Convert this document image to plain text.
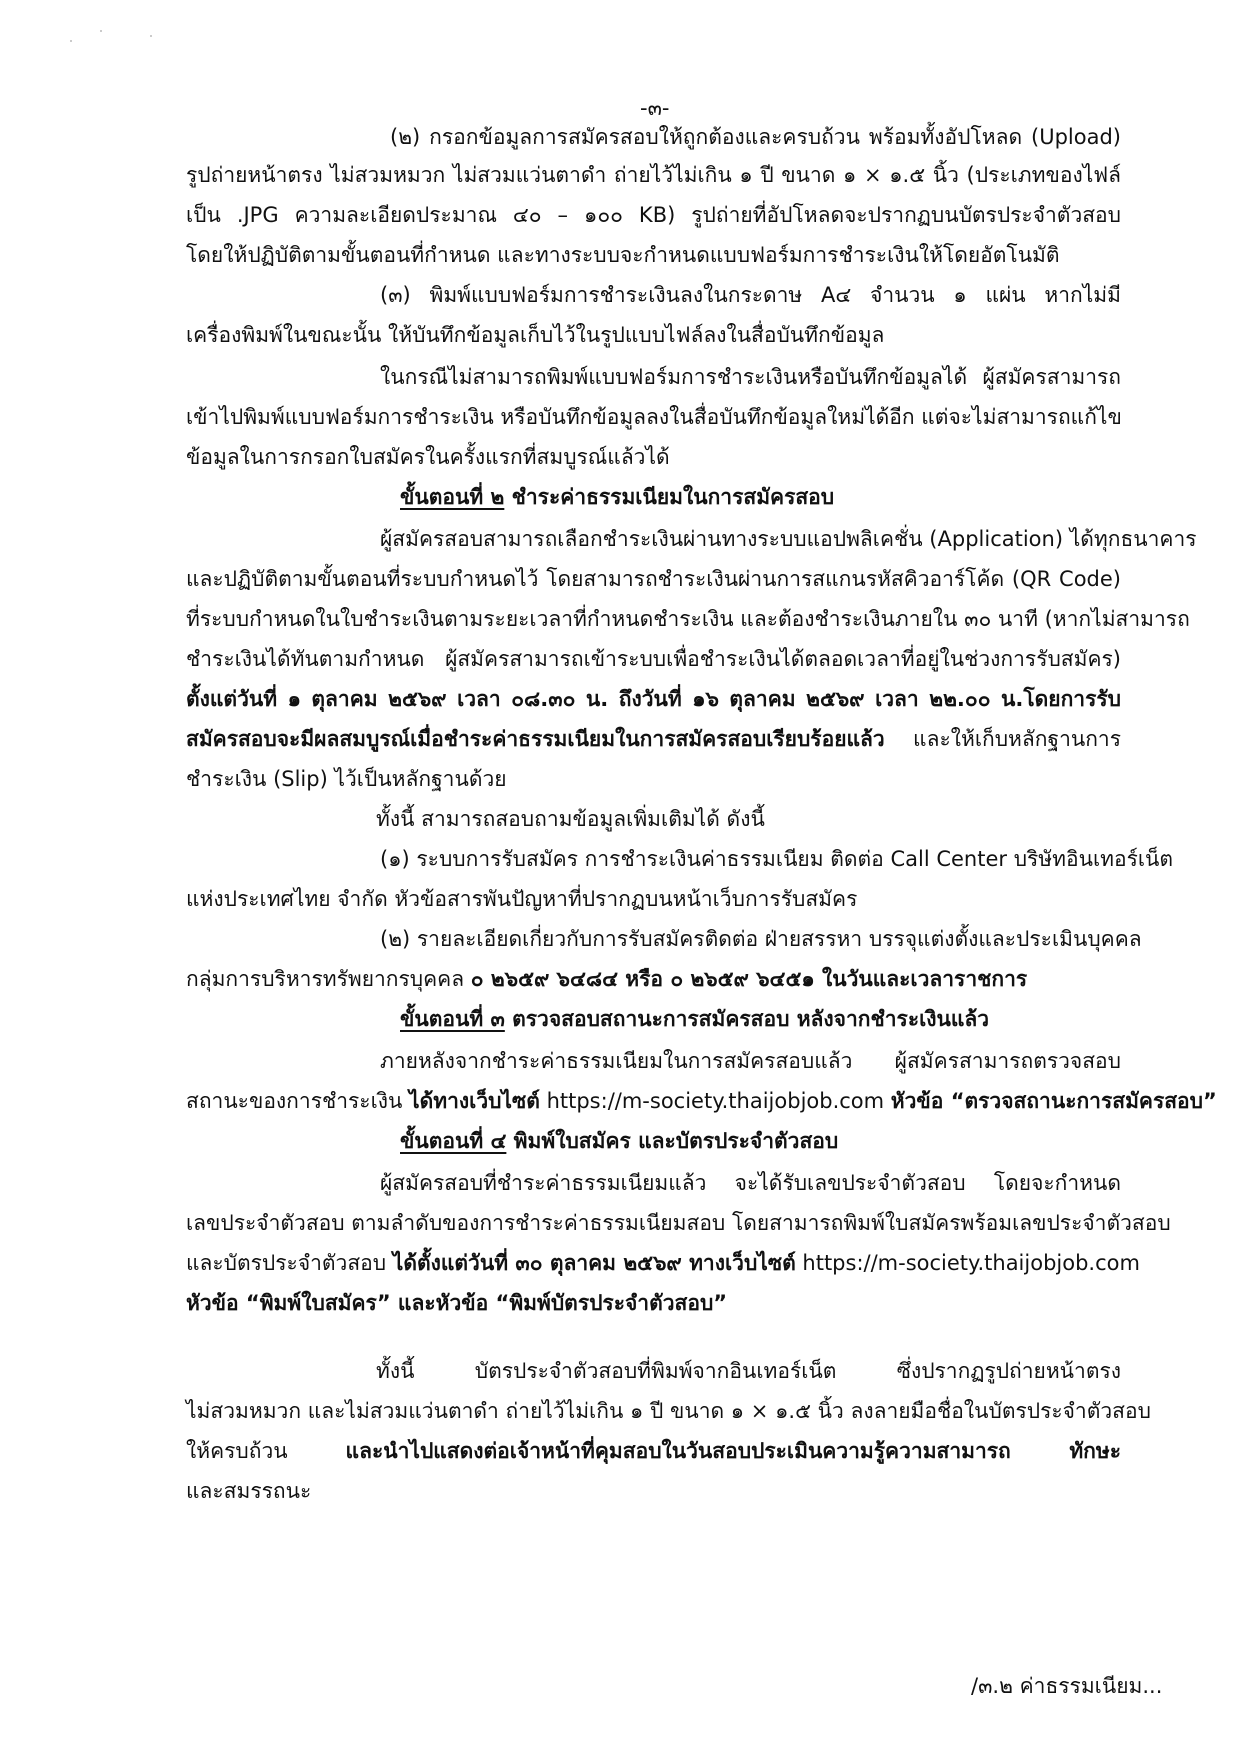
-๓-
(๒) กรอกข้อมูลการสมัครสอบให้ถูกต้องและครบถ้วน พร้อมทั้งอัปโหลด (Upload)
รูปถ่ายหน้าตรง ไม่สวมหมวก ไม่สวมแว่นตาดำ ถ่ายไว้ไม่เกิน ๑ ปี ขนาด ๑ × ๑.๕ นิ้ว (ประเภทของไฟล์
เป็น .JPG ความละเอียดประมาณ ๔๐ – ๑๐๐ KB) รูปถ่ายที่อัปโหลดจะปรากฏบนบัตรประจำตัวสอบ
โดยให้ปฏิบัติตามขั้นตอนที่กำหนด และทางระบบจะกำหนดแบบฟอร์มการชำระเงินให้โดยอัตโนมัติ
(๓) พิมพ์แบบฟอร์มการชำระเงินลงในกระดาษ A๔ จำนวน ๑ แผ่น หากไม่มี
เครื่องพิมพ์ในขณะนั้น ให้บันทึกข้อมูลเก็บไว้ในรูปแบบไฟล์ลงในสื่อบันทึกข้อมูล
ในกรณีไม่สามารถพิมพ์แบบฟอร์มการชำระเงินหรือบันทึกข้อมูลได้ ผู้สมัครสามารถ
เข้าไปพิมพ์แบบฟอร์มการชำระเงิน หรือบันทึกข้อมูลลงในสื่อบันทึกข้อมูลใหม่ได้อีก แต่จะไม่สามารถแก้ไข
ข้อมูลในการกรอกใบสมัครในครั้งแรกที่สมบูรณ์แล้วได้
ขั้นตอนที่ ๒ ชำระค่าธรรมเนียมในการสมัครสอบ
ผู้สมัครสอบสามารถเลือกชำระเงินผ่านทางระบบแอปพลิเคชั่น (Application) ได้ทุกธนาคาร
และปฏิบัติตามขั้นตอนที่ระบบกำหนดไว้ โดยสามารถชำระเงินผ่านการสแกนรหัสคิวอาร์โค้ด (QR Code)
ที่ระบบกำหนดในใบชำระเงินตามระยะเวลาที่กำหนดชำระเงิน และต้องชำระเงินภายใน ๓๐ นาที (หากไม่สามารถ
ชำระเงินได้ทันตามกำหนด ผู้สมัครสามารถเข้าระบบเพื่อชำระเงินได้ตลอดเวลาที่อยู่ในช่วงการรับสมัคร)
ตั้งแต่วันที่ ๑ ตุลาคม ๒๕๖๙ เวลา ๐๘.๓๐ น. ถึงวันที่ ๑๖ ตุลาคม ๒๕๖๙ เวลา ๒๒.๐๐ น.โดยการรับ
สมัครสอบจะมีผลสมบูรณ์เมื่อชำระค่าธรรมเนียมในการสมัครสอบเรียบร้อยแล้ว และให้เก็บหลักฐานการ
ชำระเงิน (Slip) ไว้เป็นหลักฐานด้วย
ทั้งนี้ สามารถสอบถามข้อมูลเพิ่มเติมได้ ดังนี้
(๑) ระบบการรับสมัคร การชำระเงินค่าธรรมเนียม ติดต่อ Call Center บริษัทอินเทอร์เน็ต
แห่งประเทศไทย จำกัด หัวข้อสารพันปัญหาที่ปรากฏบนหน้าเว็บการรับสมัคร
(๒) รายละเอียดเกี่ยวกับการรับสมัครติดต่อ ฝ่ายสรรหา บรรจุแต่งตั้งและประเมินบุคคล
กลุ่มการบริหารทรัพยากรบุคคล ๐ ๒๖๕๙ ๖๔๘๔ หรือ ๐ ๒๖๕๙ ๖๔๕๑ ในวันและเวลาราชการ
ขั้นตอนที่ ๓ ตรวจสอบสถานะการสมัครสอบ หลังจากชำระเงินแล้ว
ภายหลังจากชำระค่าธรรมเนียมในการสมัครสอบแล้ว ผู้สมัครสามารถตรวจสอบ
สถานะของการชำระเงิน ได้ทางเว็บไซต์ https://m-society.thaijobjob.com หัวข้อ “ตรวจสถานะการสมัครสอบ”
ขั้นตอนที่ ๔ พิมพ์ใบสมัคร และบัตรประจำตัวสอบ
ผู้สมัครสอบที่ชำระค่าธรรมเนียมแล้ว จะได้รับเลขประจำตัวสอบ โดยจะกำหนด
เลขประจำตัวสอบ ตามลำดับของการชำระค่าธรรมเนียมสอบ โดยสามารถพิมพ์ใบสมัครพร้อมเลขประจำตัวสอบ
และบัตรประจำตัวสอบ ได้ตั้งแต่วันที่ ๓๐ ตุลาคม ๒๕๖๙ ทางเว็บไซต์ https://m-society.thaijobjob.com
หัวข้อ “พิมพ์ใบสมัคร” และหัวข้อ “พิมพ์บัตรประจำตัวสอบ”
ทั้งนี้ บัตรประจำตัวสอบที่พิมพ์จากอินเทอร์เน็ต ซึ่งปรากฏรูปถ่ายหน้าตรง
ไม่สวมหมวก และไม่สวมแว่นตาดำ ถ่ายไว้ไม่เกิน ๑ ปี ขนาด ๑ × ๑.๕ นิ้ว ลงลายมือชื่อในบัตรประจำตัวสอบ
ให้ครบถ้วน และนำไปแสดงต่อเจ้าหน้าที่คุมสอบในวันสอบประเมินความรู้ความสามารถ ทักษะ
และสมรรถนะ
/๓.๒ ค่าธรรมเนียม...
